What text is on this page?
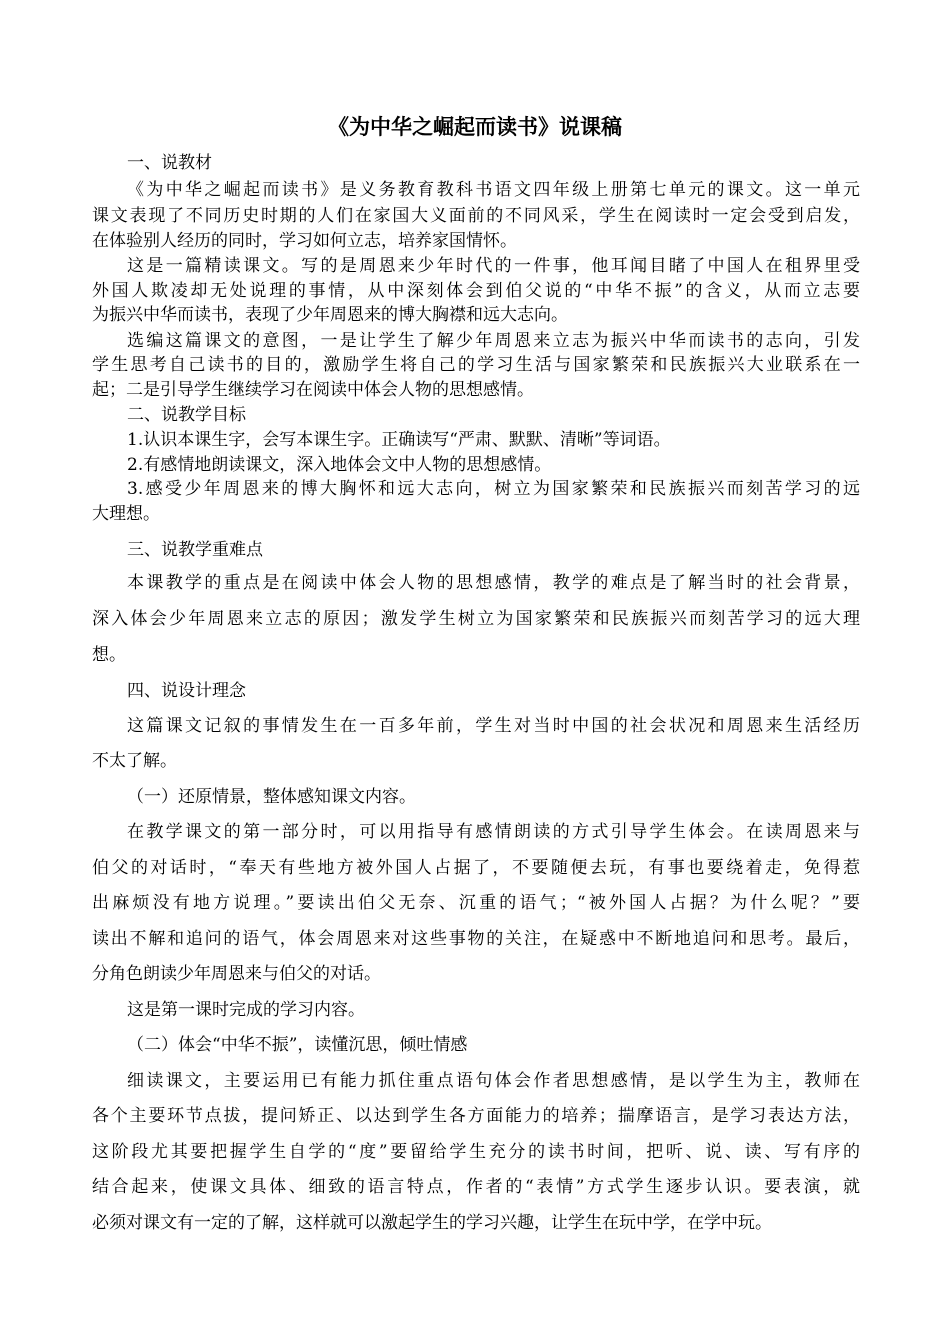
《为中华之崛起而读书》说课稿
一、说教材
《为中华之崛起而读书》是义务教育教科书语文四年级上册第七单元的课文。这一单元
课文表现了不同历史时期的人们在家国大义面前的不同风采，学生在阅读时一定会受到启发，
在体验别人经历的同时，学习如何立志，培养家国情怀。
这是一篇精读课文。写的是周恩来少年时代的一件事，他耳闻目睹了中国人在租界里受
外国人欺凌却无处说理的事情，从中深刻体会到伯父说的“中华不振”的含义，从而立志要
为振兴中华而读书，表现了少年周恩来的博大胸襟和远大志向。
选编这篇课文的意图，一是让学生了解少年周恩来立志为振兴中华而读书的志向，引发
学生思考自己读书的目的，激励学生将自己的学习生活与国家繁荣和民族振兴大业联系在一
起；二是引导学生继续学习在阅读中体会人物的思想感情。
二、说教学目标
1.认识本课生字，会写本课生字。正确读写“严肃、默默、清晰”等词语。
2.有感情地朗读课文，深入地体会文中人物的思想感情。
3.感受少年周恩来的博大胸怀和远大志向，树立为国家繁荣和民族振兴而刻苦学习的远
大理想。
三、说教学重难点
本课教学的重点是在阅读中体会人物的思想感情，教学的难点是了解当时的社会背景，
深入体会少年周恩来立志的原因；激发学生树立为国家繁荣和民族振兴而刻苦学习的远大理
想。
四、说设计理念
这篇课文记叙的事情发生在一百多年前，学生对当时中国的社会状况和周恩来生活经历
不太了解。
（一）还原情景，整体感知课文内容。
在教学课文的第一部分时，可以用指导有感情朗读的方式引导学生体会。在读周恩来与
伯父的对话时，“奉天有些地方被外国人占据了，不要随便去玩，有事也要绕着走，免得惹
出麻烦没有地方说理。”要读出伯父无奈、沉重的语气；“被外国人占据？为什么呢？”要
读出不解和追问的语气，体会周恩来对这些事物的关注，在疑惑中不断地追问和思考。最后，
分角色朗读少年周恩来与伯父的对话。
这是第一课时完成的学习内容。
（二）体会“中华不振”，读懂沉思，倾吐情感
细读课文，主要运用已有能力抓住重点语句体会作者思想感情，是以学生为主，教师在
各个主要环节点拔，提问矫正、以达到学生各方面能力的培养；揣摩语言，是学习表达方法，
这阶段尤其要把握学生自学的“度”要留给学生充分的读书时间，把听、说、读、写有序的
结合起来，使课文具体、细致的语言特点，作者的“表情”方式学生逐步认识。要表演，就
必须对课文有一定的了解，这样就可以激起学生的学习兴趣，让学生在玩中学，在学中玩。
